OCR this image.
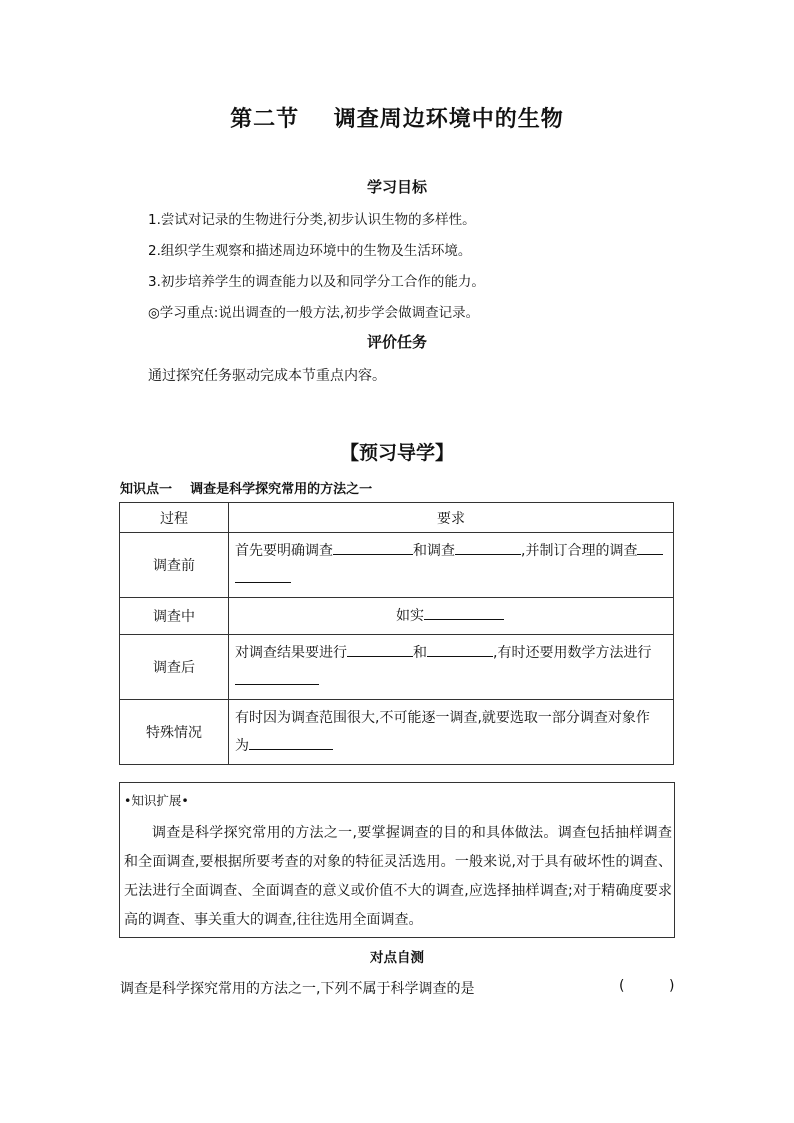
第二节    调查周边环境中的生物
学习目标
1.尝试对记录的生物进行分类,初步认识生物的多样性。
2.组织学生观察和描述周边环境中的生物及生活环境。
3.初步培养学生的调查能力以及和同学分工合作的能力。
◎学习重点:说出调查的一般方法,初步学会做调查记录。
评价任务
通过探究任务驱动完成本节重点内容。
【预习导学】
知识点一    调查是科学探究常用的方法之一
过程	要求
调查前	首先要明确调查 和调查 ,并制订合理的调查

调查中	如实
调查后	对调查结果要进行 和 ,有时还要用数学方法进行

特殊情况	有时因为调查范围很大,不可能逐一调查,就要选取一部分调查对象作
为
•知识扩展•
调查是科学探究常用的方法之一,要掌握调查的目的和具体做法。调查包括抽样调查和全面调查,要根据所要考查的对象的特征灵活选用。一般来说,对于具有破坏性的调查、无法进行全面调查、全面调查的意义或价值不大的调查,应选择抽样调查;对于精确度要求高的调查、事关重大的调查,往往选用全面调查。
对点自测
调查是科学探究常用的方法之一,下列不属于科学调查的是	(          )
